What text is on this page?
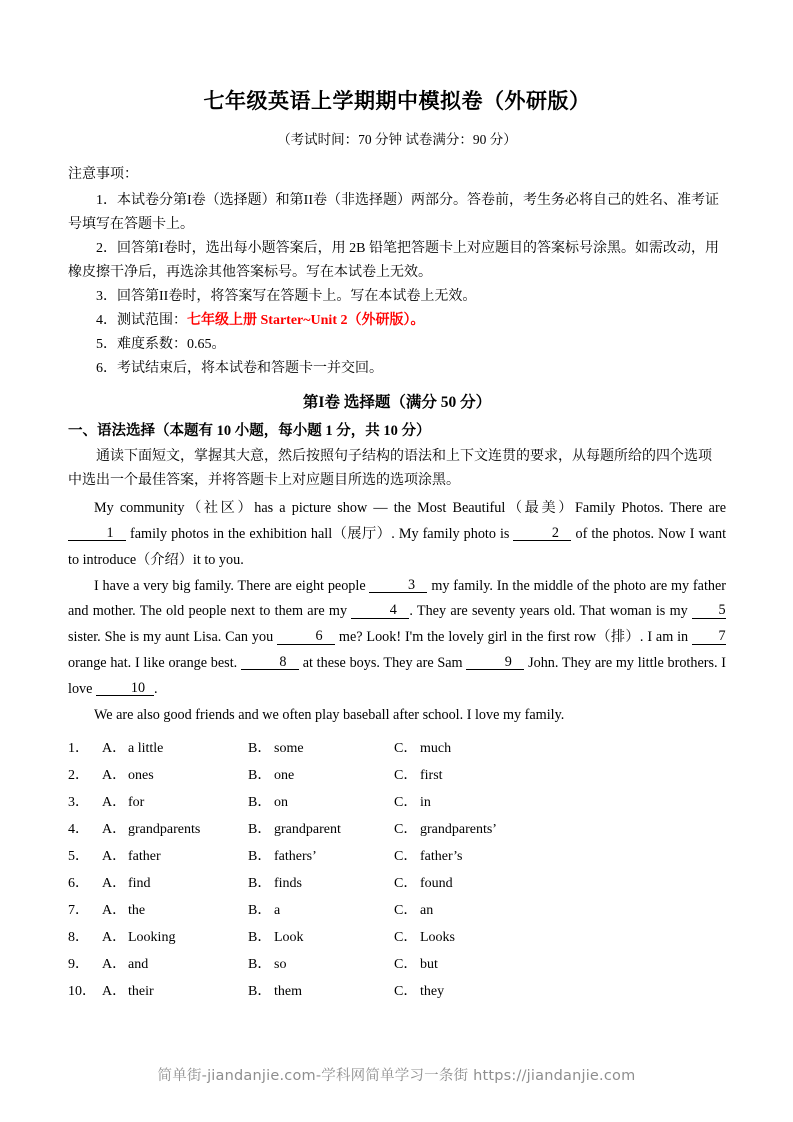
七年级英语上学期期中模拟卷（外研版）
（考试时间：70 分钟 试卷满分：90 分）
注意事项：

1．本试卷分第I卷（选择题）和第II卷（非选择题）两部分。答卷前，考生务必将自己的姓名、准考证

号填写在答题卡上。

2．回答第I卷时，选出每小题答案后，用 2B 铅笔把答题卡上对应题目的答案标号涂黑。如需改动，用

橡皮擦干净后，再选涂其他答案标号。写在本试卷上无效。

3．回答第II卷时，将答案写在答题卡上。写在本试卷上无效。

4．测试范围：七年级上册 Starter~Unit 2（外研版）。

5．难度系数：0.65。

6．考试结束后，将本试卷和答题卡一并交回。

第I卷 选择题（满分 50 分）
一、语法选择（本题有 10 小题，每小题 1 分，共 10 分）

通读下面短文，掌握其大意，然后按照句子结构的语法和上下文连贯的要求，从每题所给的四个选项

中选出一个最佳答案，并将答题卡上对应题目所选的选项涂黑。

My community（社区）has a picture show — the Most Beautiful（最美）Family Photos. There are 1 family photos in the exhibition hall（展厅）. My family photo is	2 of the photos. Now I want to introduce（介绍）it to you.

I have a very big family. There are eight people	3 my family. In the middle of the photo are my father and mother. The old people next to them are my	4 . They are seventy years old. That woman is my 5 sister. She is my aunt Lisa. Can you	6 me? Look! I'm the lovely girl in the first row（排）. I am in 7 orange hat. I like orange best.	8 at these boys. They are Sam	9 John. They are my little brothers. I love	10 .

We are also good friends and we often play baseball after school. I love my family.

1． A． a little	B． some	C． much
2． A． ones	B． one	C． first
3． A． for	B． on	C． in
4． A． grandparents	B． grandparent	C． grandparents’
5． A． father	B． fathers’	C． father’s
6． A． find	B． finds	C． found
7． A． the	B． a	C． an
8． A． Looking	B． Look	C． Looks
9． A． and	B． so	C． but
10． A． their	B． them	C． they
简单街-jiandanjie.com-学科网简单学习一条街 https://jiandanjie.com
